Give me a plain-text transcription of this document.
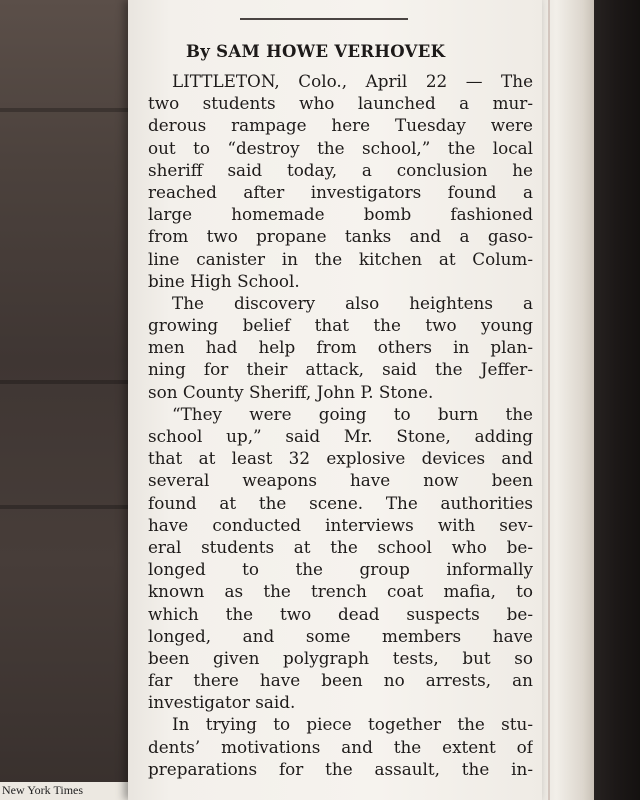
New York Times
By SAM HOWE VERHOVEK
LITTLETON, Colo., April 22 — The
two students who launched a mur-
derous rampage here Tuesday were
out to “destroy the school,” the local
sheriff said today, a conclusion he
reached after investigators found a
large homemade bomb fashioned
from two propane tanks and a gaso-
line canister in the kitchen at Colum-
bine High School.
The discovery also heightens a
growing belief that the two young
men had help from others in plan-
ning for their attack, said the Jeffer-
son County Sheriff, John P. Stone.
“They were going to burn the
school up,” said Mr. Stone, adding
that at least 32 explosive devices and
several weapons have now been
found at the scene. The authorities
have conducted interviews with sev-
eral students at the school who be-
longed to the group informally
known as the trench coat mafia, to
which the two dead suspects be-
longed, and some members have
been given polygraph tests, but so
far there have been no arrests, an
investigator said.
In trying to piece together the stu-
dents’ motivations and the extent of
preparations for the assault, the in-
